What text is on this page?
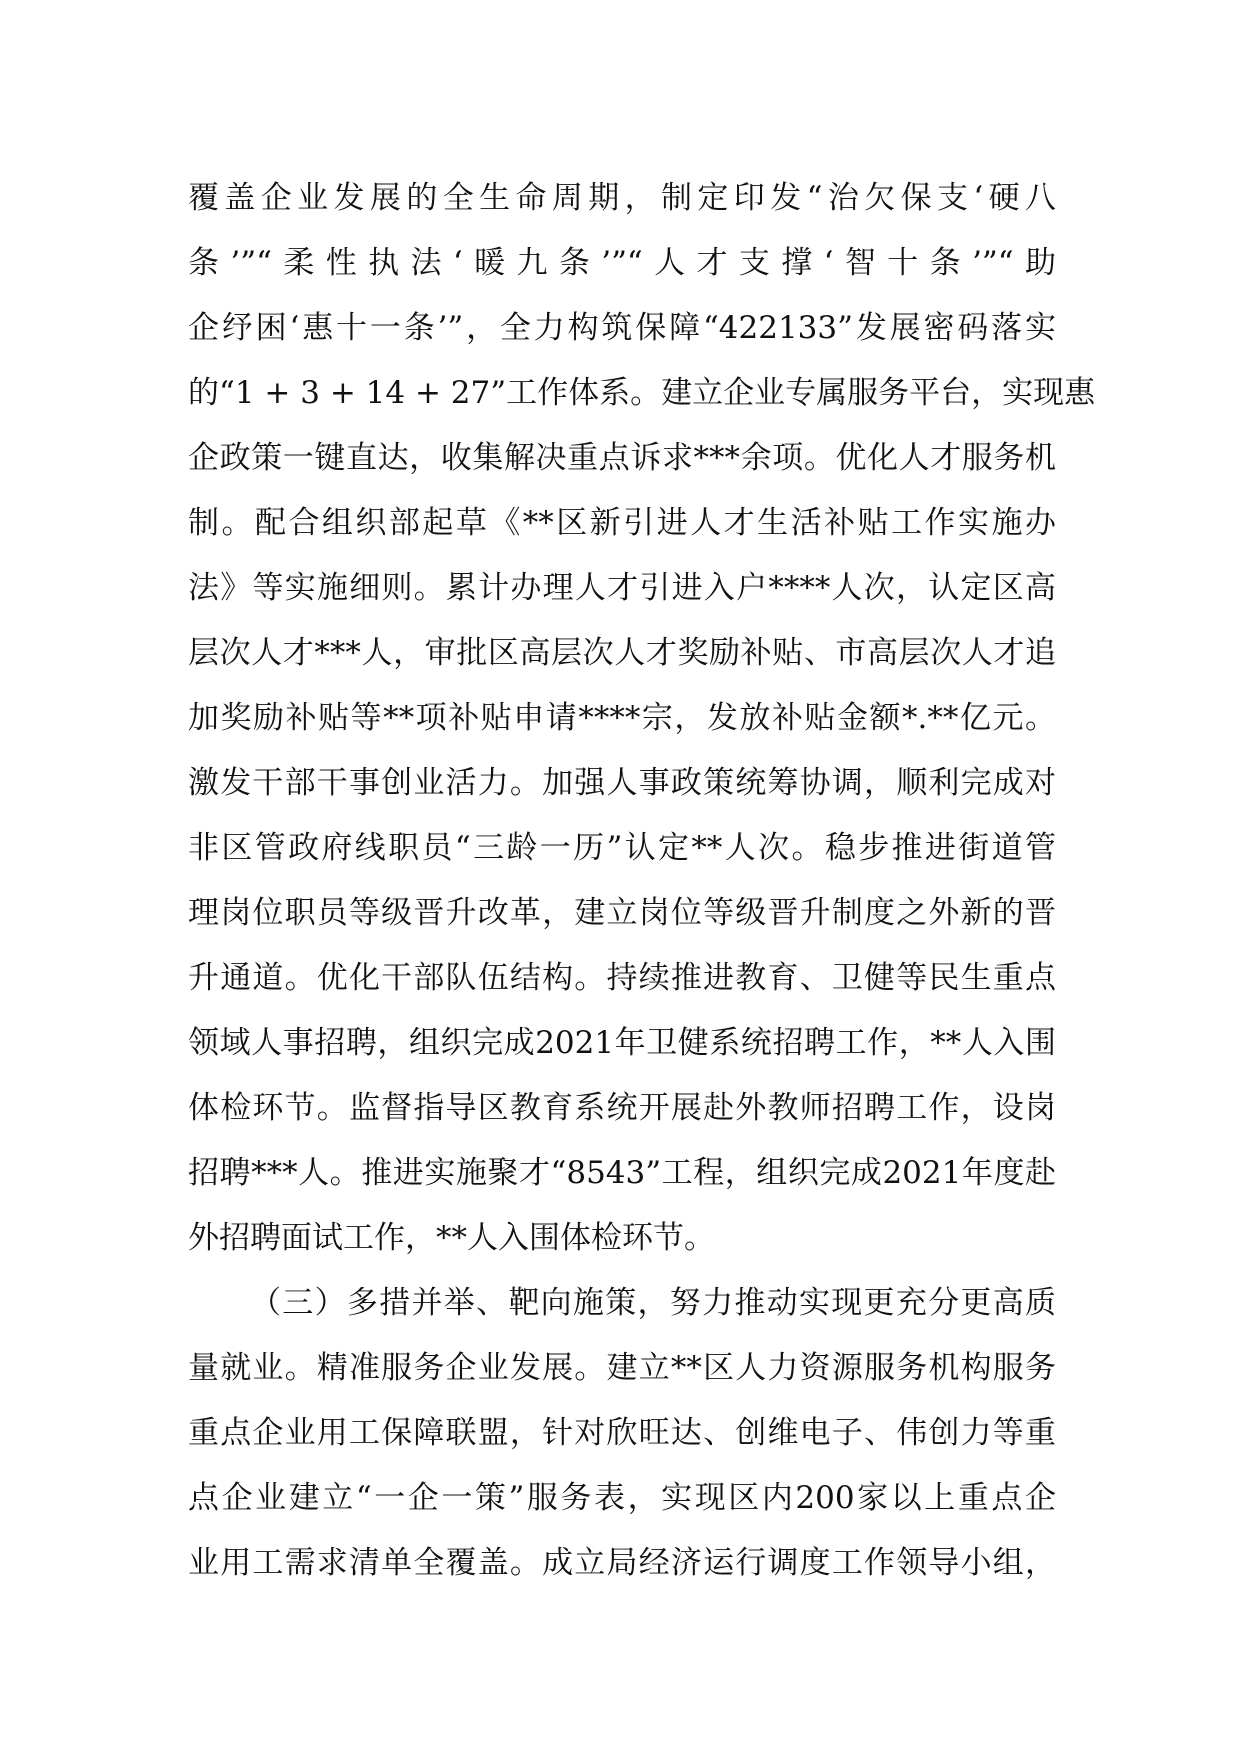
覆盖企业发展的全生命周期，制定印发“治欠保支‘硬八
条’”“柔性执法‘暖九条’”“人才支撑‘智十条’”“助
企纾困‘惠十一条’”，全力构筑保障“422133”发展密码落实
的“1 + 3 + 14 + 27”工作体系。建立企业专属服务平台，实现惠
企政策一键直达，收集解决重点诉求***余项。优化人才服务机
制。配合组织部起草《**区新引进人才生活补贴工作实施办
法》等实施细则。累计办理人才引进入户****人次，认定区高
层次人才***人，审批区高层次人才奖励补贴、市高层次人才追
加奖励补贴等**项补贴申请****宗，发放补贴金额*.**亿元。
激发干部干事创业活力。加强人事政策统筹协调，顺利完成对
非区管政府线职员“三龄一历”认定**人次。稳步推进街道管
理岗位职员等级晋升改革，建立岗位等级晋升制度之外新的晋
升通道。优化干部队伍结构。持续推进教育、卫健等民生重点
领域人事招聘，组织完成2021年卫健系统招聘工作，**人入围
体检环节。监督指导区教育系统开展赴外教师招聘工作，设岗
招聘***人。推进实施聚才“8543”工程，组织完成2021年度赴
外招聘面试工作，**人入围体检环节。
（三）多措并举、靶向施策，努力推动实现更充分更高质
量就业。精准服务企业发展。建立**区人力资源服务机构服务
重点企业用工保障联盟，针对欣旺达、创维电子、伟创力等重
点企业建立“一企一策”服务表，实现区内200家以上重点企
业用工需求清单全覆盖。成立局经济运行调度工作领导小组，
